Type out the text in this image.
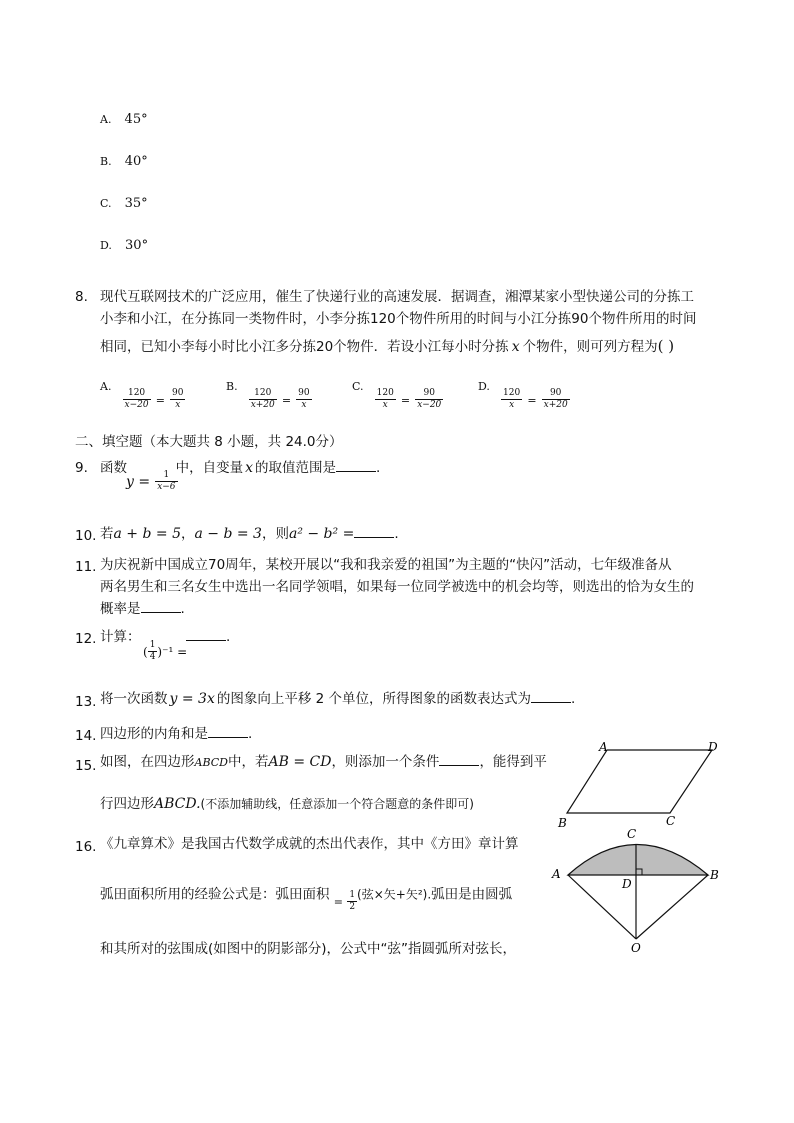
A. 45°
B. 40°
C. 35°
D. 30°
8. 现代互联网技术的广泛应用，催生了快递行业的高速发展．据调查，湘潭某家小型快递公司的分拣工
小李和小江，在分拣同一类物件时，小李分拣120个物件所用的时间与小江分拣90个物件所用的时间
相同，已知小李每小时比小江多分拣20个物件．若设小江每小时分拣 x 个物件，则可列方程为( )
$^{A.}$
$\frac{120}{x-20} = \frac{90}{x}$
$^{B.}$
$\frac{120}{x+20} = \frac{90}{x}$
$^{C.}$
$\frac{120}{x} = \frac{90}{x-20}$
$^{D.}$
$\frac{120}{x} = \frac{90}{x+20}$
二、填空题（本大题共 8 小题，共 24.0分）
9. 函数	中，自变量 x 的取值范围是	.
$y = \frac{1}{x-6}$
10. 若a + b = 5，a − b = 3，则a² − b² =	.
11. 为庆祝新中国成立70周年，某校开展以“我和我亲爱的祖国”为主题的“快闪”活动，七年级准备从
两名男生和三名女生中选出一名同学领唱，如果每一位同学被选中的机会均等，则选出的恰为女生的
概率是	.
12. 计算：	.
( $\frac{1}{4} )^{-1}$ =
13. 将一次函数 y = 3x 的图象向上平移 2 个单位，所得图象的函数表达式为	.
14. 四边形的内角和是	.
15. 如图，在四边形ABCD中，若AB = CD，则添加一个条件	，能得到平
行四边形ABCD.(不添加辅助线，任意添加一个符合题意的条件即可)
A	D
B	C
16. 《九章算术》是我国古代数学成就的杰出代表作，其中《方田》章计算
弧田面积所用的经验公式是：弧田面积 = $\frac{1}{2}$ (弦×矢+矢²).弧田是由圆弧
和其所对的弦围成(如图中的阴影部分)，公式中“弦”指圆弧所对弦长，
C
A	B
D
O
